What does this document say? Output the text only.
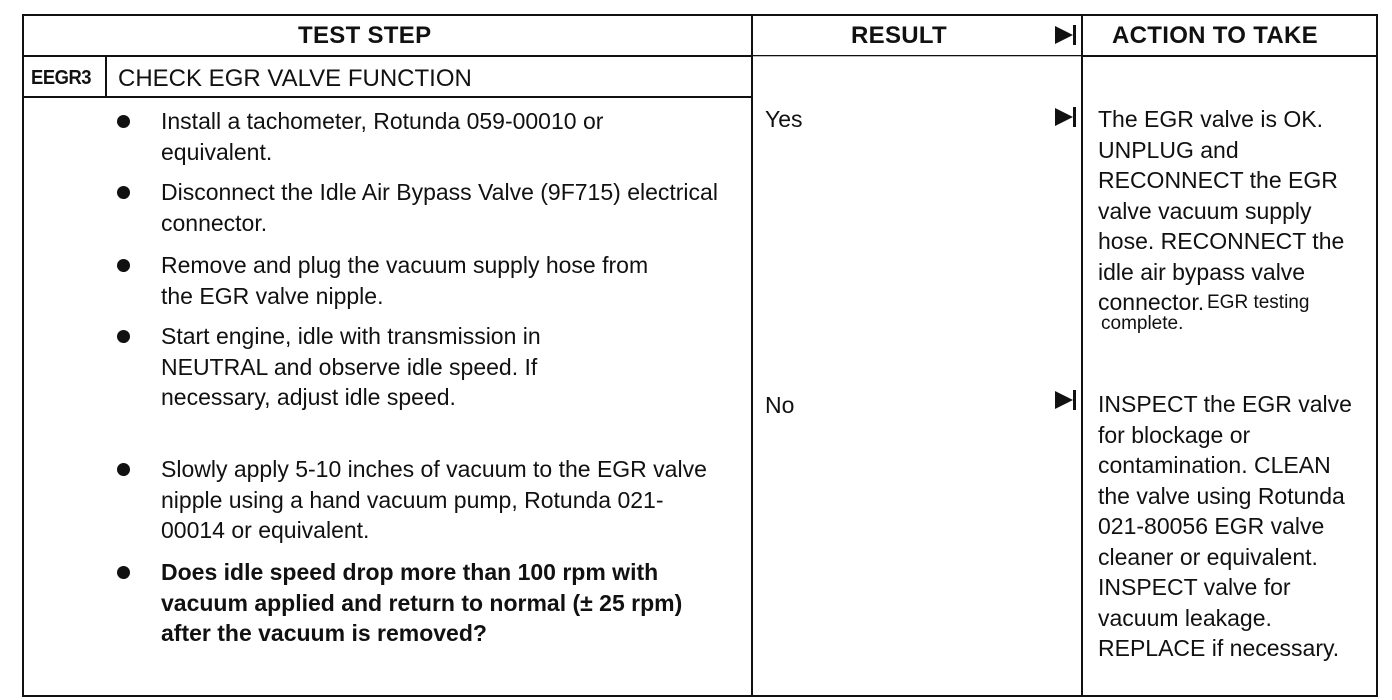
TEST STEP	RESULT	ACTION TO TAKE
EEGR3 CHECK EGR VALVE FUNCTION
Install a tachometer, Rotunda 059-00010 or equivalent.
Disconnect the Idle Air Bypass Valve (9F715) electrical connector.
Remove and plug the vacuum supply hose from the EGR valve nipple.
Start engine, idle with transmission in NEUTRAL and observe idle speed. If necessary, adjust idle speed.
Slowly apply 5-10 inches of vacuum to the EGR valve nipple using a hand vacuum pump, Rotunda 021-00014 or equivalent.
Does idle speed drop more than 100 rpm with vacuum applied and return to normal (± 25 rpm) after the vacuum is removed?
Yes	The EGR valve is OK. UNPLUG and RECONNECT the EGR valve vacuum supply hose. RECONNECT the idle air bypass valve connector. EGR testing complete.
No	INSPECT the EGR valve for blockage or contamination. CLEAN the valve using Rotunda 021-80056 EGR valve cleaner or equivalent. INSPECT valve for vacuum leakage. REPLACE if necessary.
